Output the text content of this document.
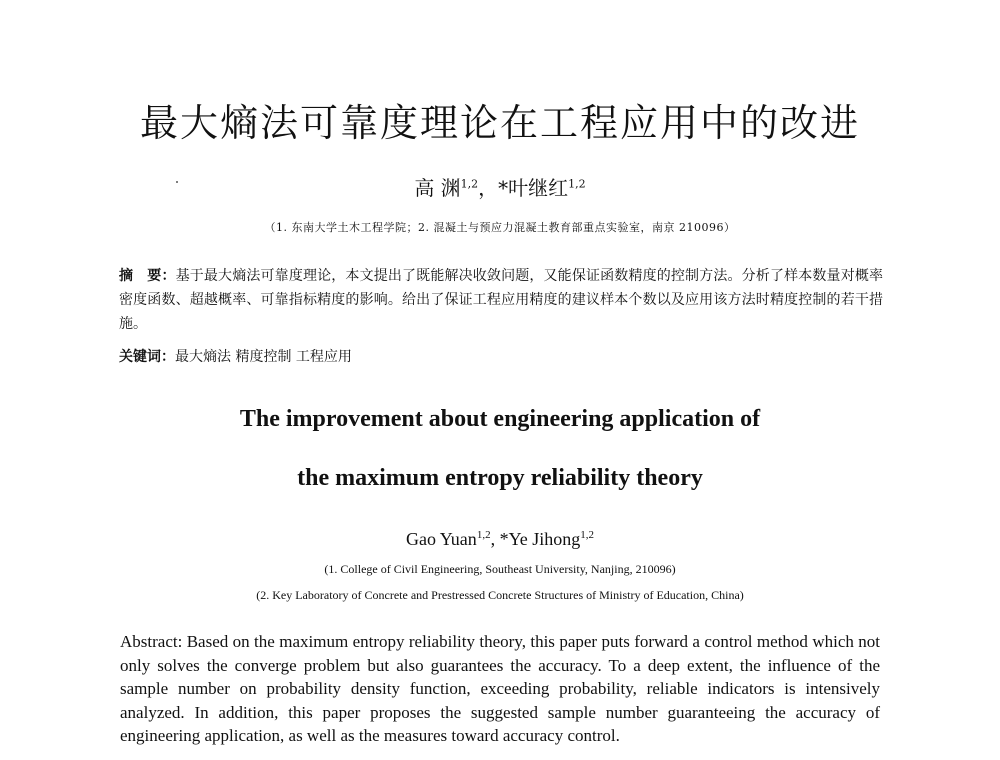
最大熵法可靠度理论在工程应用中的改进
高 渊$^{1,2}$，*叶继红$^{1,2}$
（1. 东南大学土木工程学院；2. 混凝土与预应力混凝土教育部重点实验室，南京 210096）
摘　要：基于最大熵法可靠度理论，本文提出了既能解决收敛问题，又能保证函数精度的控制方法。分析了样本数量对概率密度函数、超越概率、可靠指标精度的影响。给出了保证工程应用精度的建议样本个数以及应用该方法时精度控制的若干措施。
关键词：最大熵法 精度控制 工程应用
The improvement about engineering application of
the maximum entropy reliability theory
Gao Yuan$^{1,2}$, *Ye Jihong$^{1,2}$
(1. College of Civil Engineering, Southeast University, Nanjing, 210096)
(2. Key Laboratory of Concrete and Prestressed Concrete Structures of Ministry of Education, China)
Abstract: Based on the maximum entropy reliability theory, this paper puts forward a control method which not only solves the converge problem but also guarantees the accuracy. To a deep extent, the influence of the sample number on probability density function, exceeding probability, reliable indicators is intensively analyzed. In addition, this paper proposes the suggested sample number guaranteeing the accuracy of engineering application, as well as the measures toward accuracy control.
